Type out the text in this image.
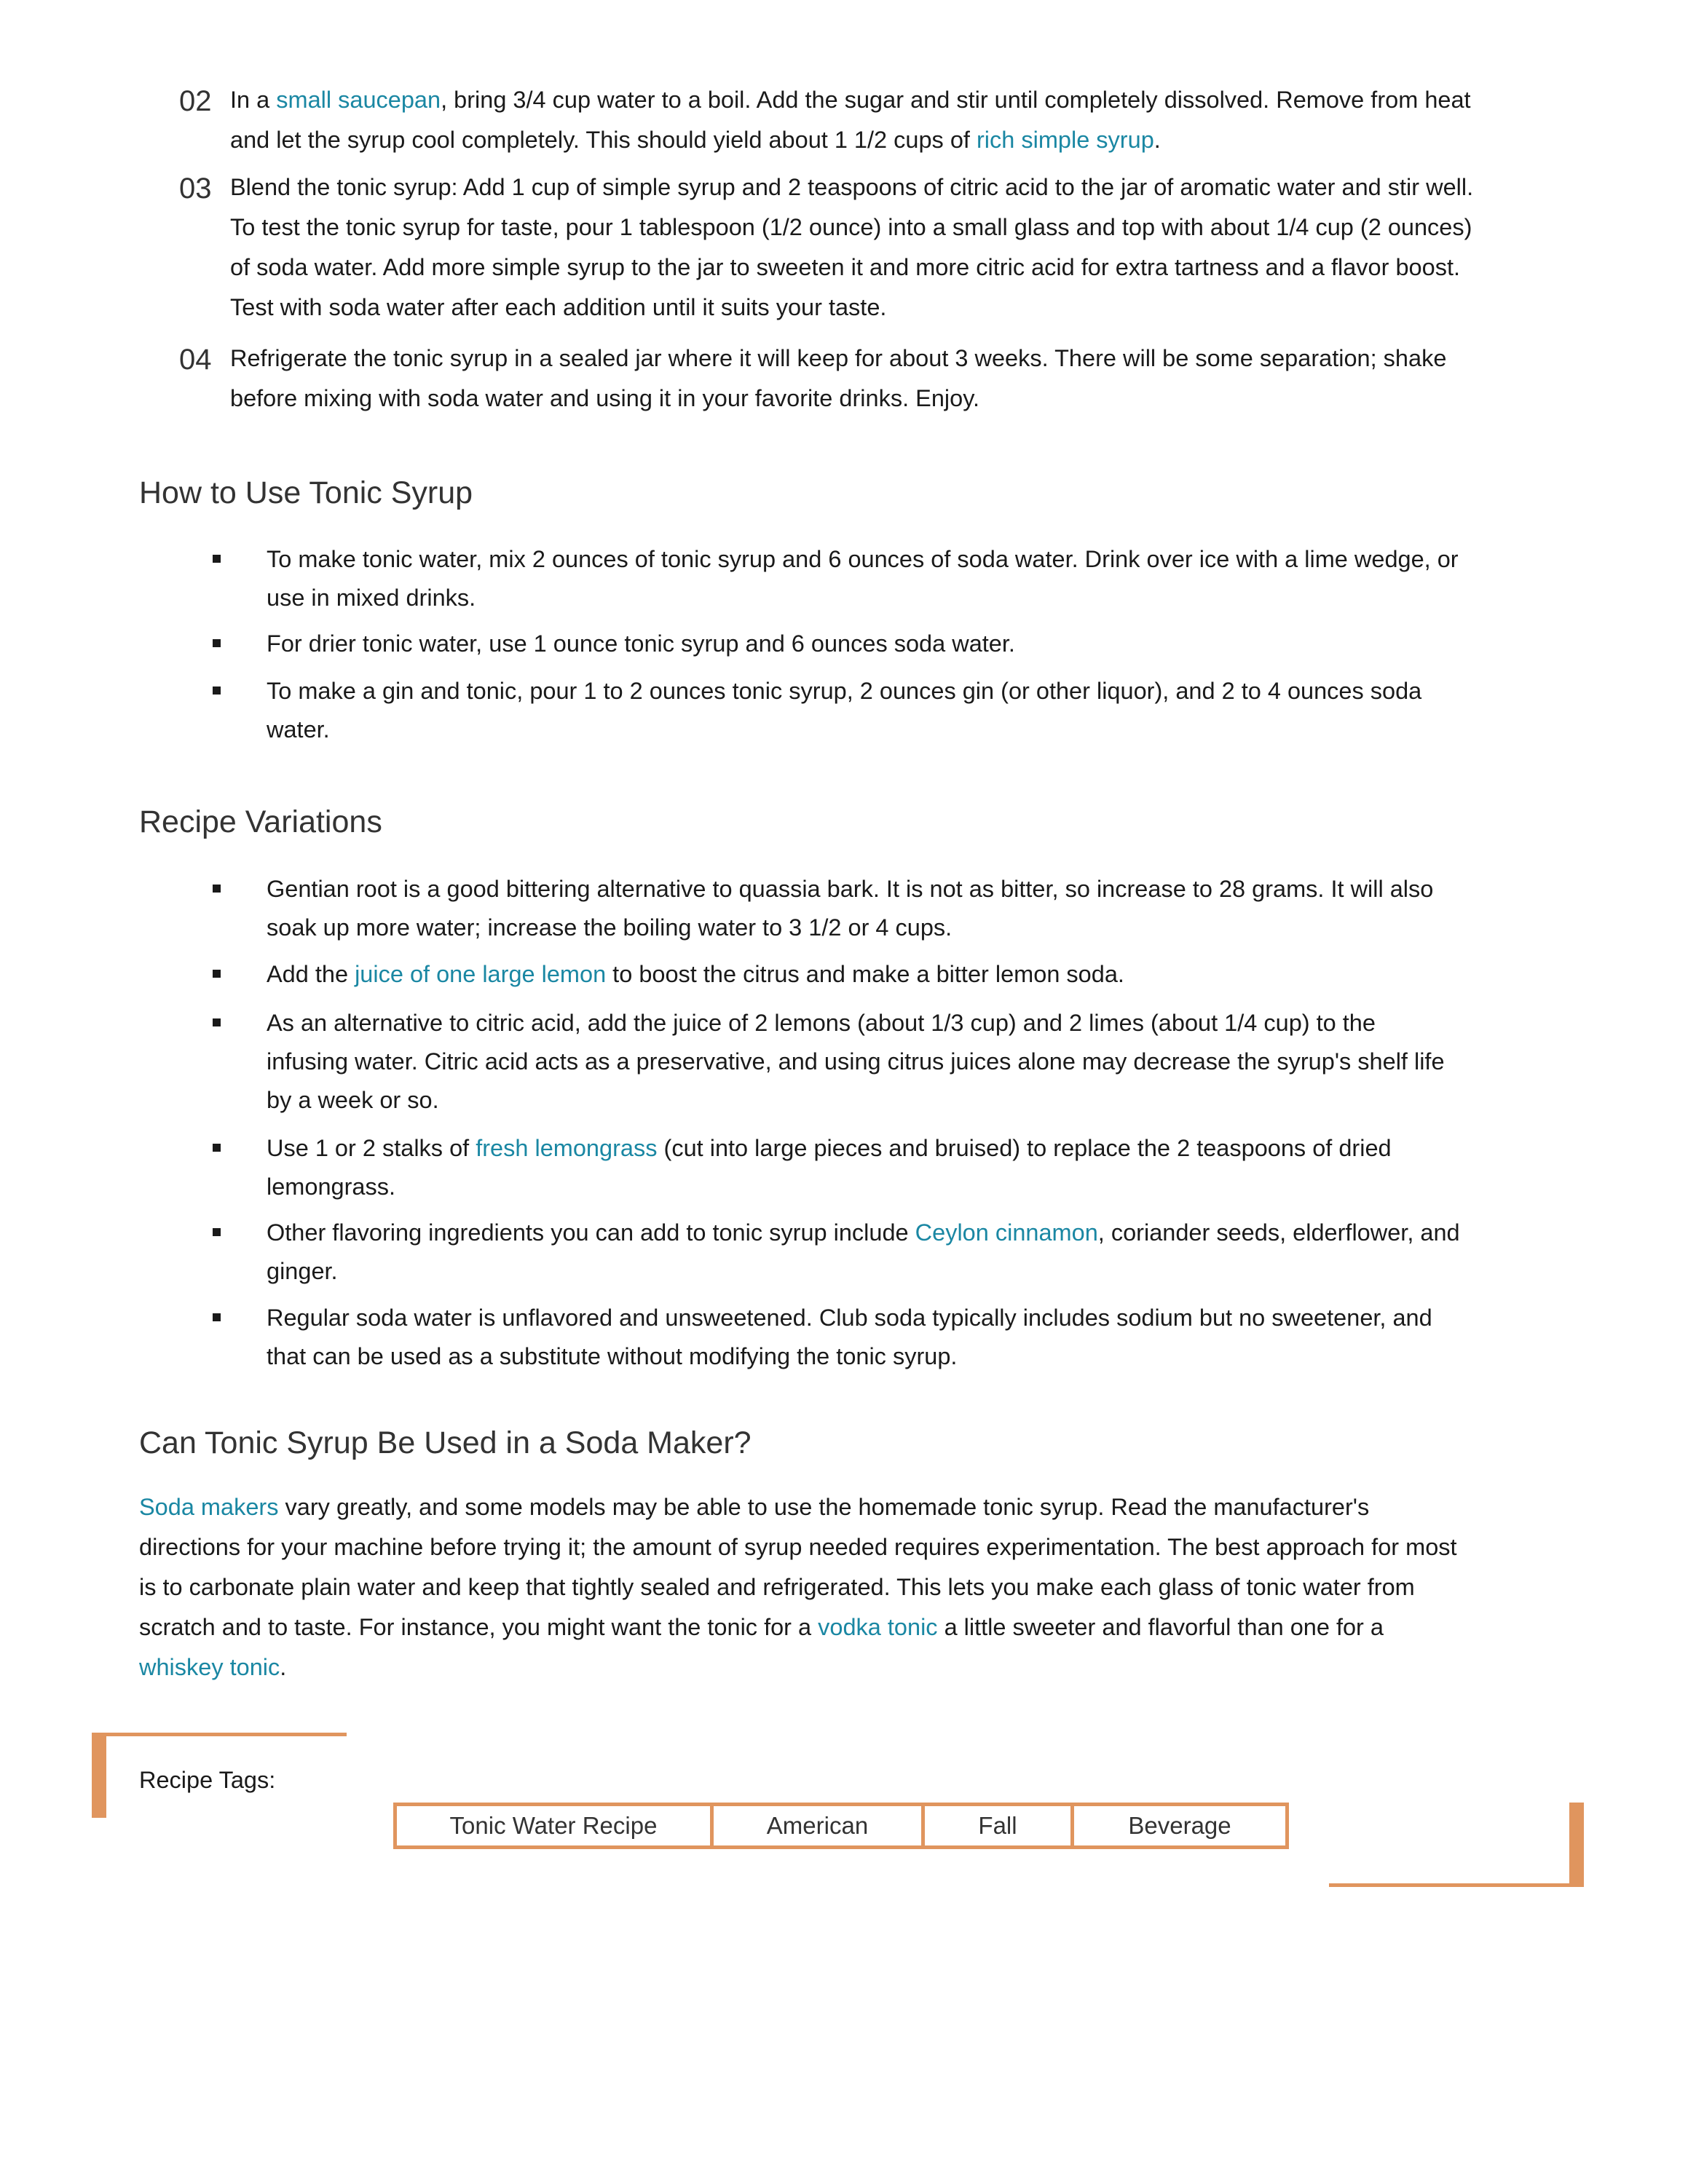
02 In a small saucepan, bring 3/4 cup water to a boil. Add the sugar and stir until completely dissolved. Remove from heat and let the syrup cool completely. This should yield about 1 1/2 cups of rich simple syrup.
03 Blend the tonic syrup: Add 1 cup of simple syrup and 2 teaspoons of citric acid to the jar of aromatic water and stir well. To test the tonic syrup for taste, pour 1 tablespoon (1/2 ounce) into a small glass and top with about 1/4 cup (2 ounces) of soda water. Add more simple syrup to the jar to sweeten it and more citric acid for extra tartness and a flavor boost. Test with soda water after each addition until it suits your taste.
04 Refrigerate the tonic syrup in a sealed jar where it will keep for about 3 weeks. There will be some separation; shake before mixing with soda water and using it in your favorite drinks. Enjoy.
How to Use Tonic Syrup
To make tonic water, mix 2 ounces of tonic syrup and 6 ounces of soda water. Drink over ice with a lime wedge, or use in mixed drinks.
For drier tonic water, use 1 ounce tonic syrup and 6 ounces soda water.
To make a gin and tonic, pour 1 to 2 ounces tonic syrup, 2 ounces gin (or other liquor), and 2 to 4 ounces soda water.
Recipe Variations
Gentian root is a good bittering alternative to quassia bark. It is not as bitter, so increase to 28 grams. It will also soak up more water; increase the boiling water to 3 1/2 or 4 cups.
Add the juice of one large lemon to boost the citrus and make a bitter lemon soda.
As an alternative to citric acid, add the juice of 2 lemons (about 1/3 cup) and 2 limes (about 1/4 cup) to the infusing water. Citric acid acts as a preservative, and using citrus juices alone may decrease the syrup's shelf life by a week or so.
Use 1 or 2 stalks of fresh lemongrass (cut into large pieces and bruised) to replace the 2 teaspoons of dried lemongrass.
Other flavoring ingredients you can add to tonic syrup include Ceylon cinnamon, coriander seeds, elderflower, and ginger.
Regular soda water is unflavored and unsweetened. Club soda typically includes sodium but no sweetener, and that can be used as a substitute without modifying the tonic syrup.
Can Tonic Syrup Be Used in a Soda Maker?
Soda makers vary greatly, and some models may be able to use the homemade tonic syrup. Read the manufacturer's directions for your machine before trying it; the amount of syrup needed requires experimentation. The best approach for most is to carbonate plain water and keep that tightly sealed and refrigerated. This lets you make each glass of tonic water from scratch and to taste. For instance, you might want the tonic for a vodka tonic a little sweeter and flavorful than one for a whiskey tonic.
Recipe Tags:
Tonic Water Recipe	American	Fall	Beverage
